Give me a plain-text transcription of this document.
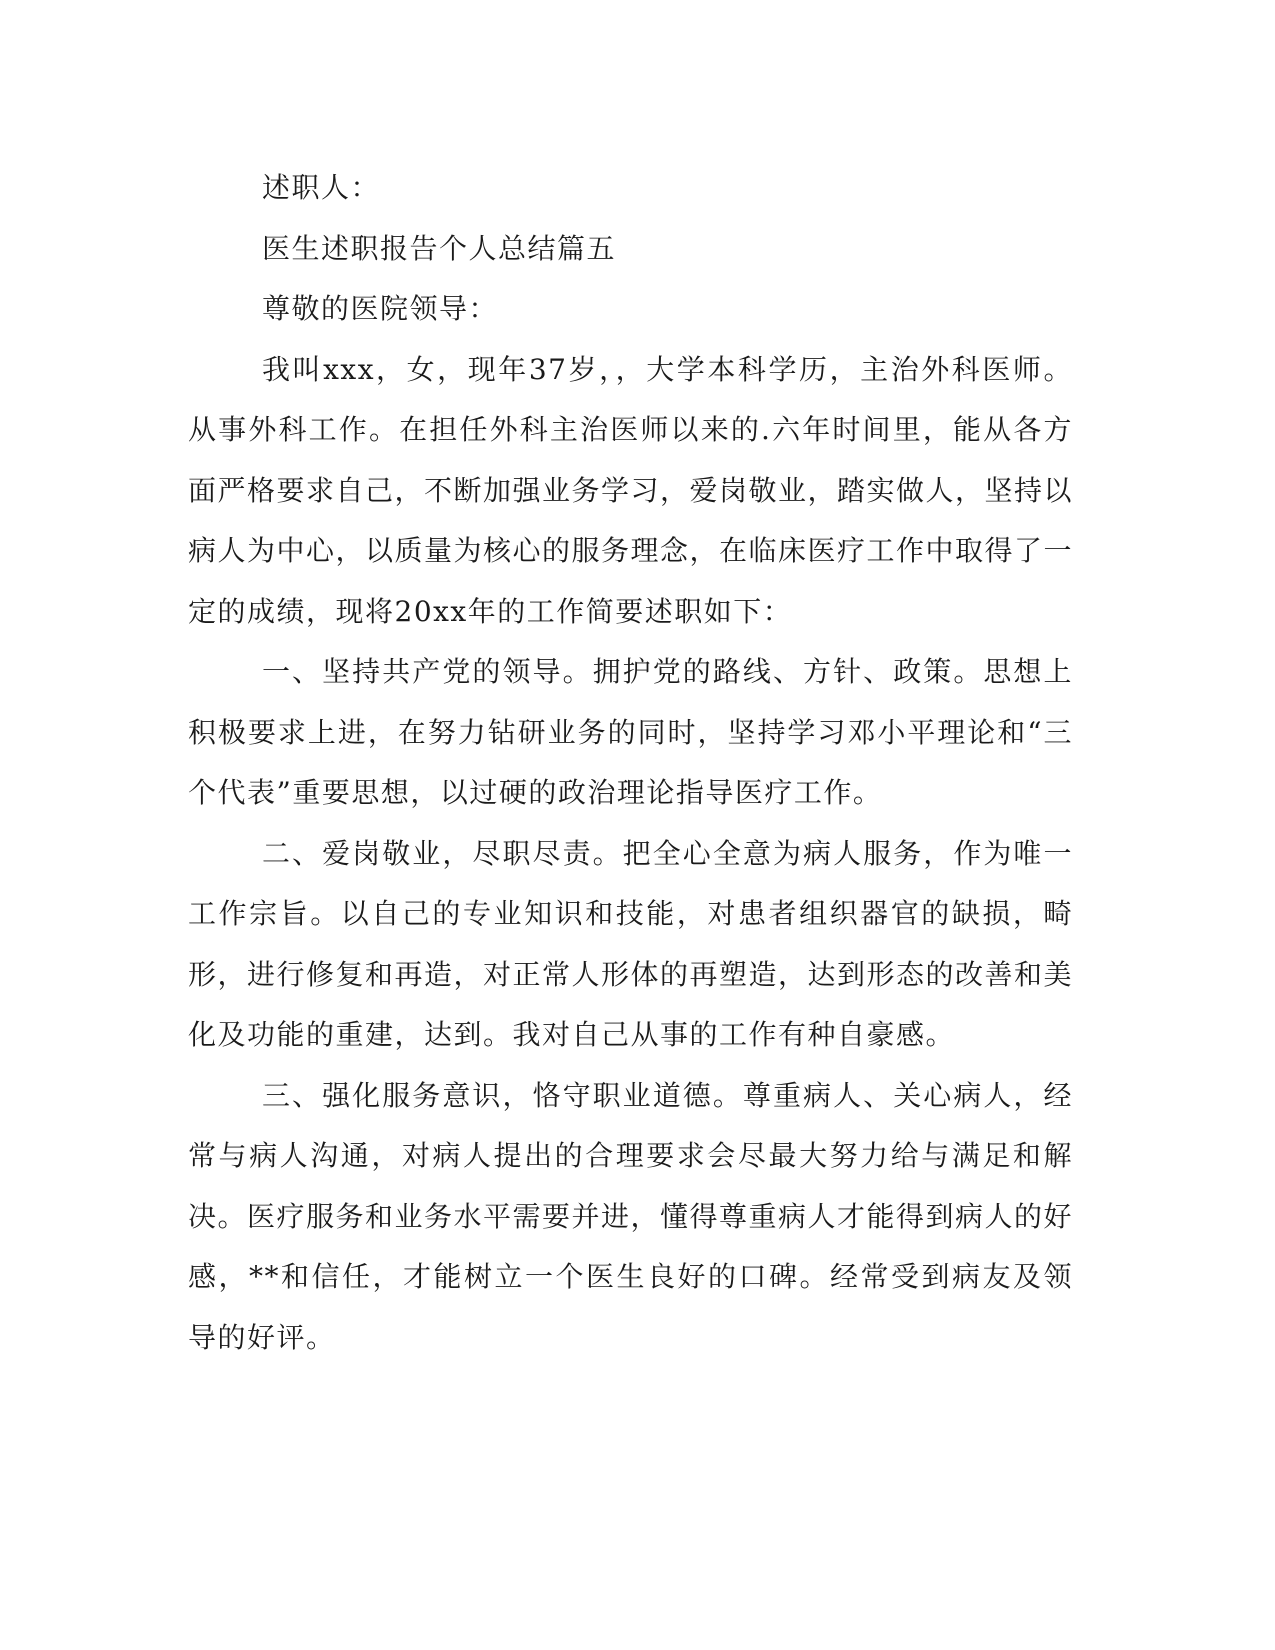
述职人：

医生述职报告个人总结篇五

尊敬的医院领导：

我叫xxx，女，现年37岁，，大学本科学历，主治外科医师。从事外科工作。在担任外科主治医师以来的.六年时间里，能从各方面严格要求自己，不断加强业务学习，爱岗敬业，踏实做人，坚持以病人为中心，以质量为核心的服务理念，在临床医疗工作中取得了一定的成绩，现将20xx年的工作简要述职如下：

一、坚持共产党的领导。拥护党的路线、方针、政策。思想上积极要求上进，在努力钻研业务的同时，坚持学习邓小平理论和“三个代表”重要思想，以过硬的政治理论指导医疗工作。

二、爱岗敬业，尽职尽责。把全心全意为病人服务，作为唯一工作宗旨。以自己的专业知识和技能，对患者组织器官的缺损，畸形，进行修复和再造，对正常人形体的再塑造，达到形态的改善和美化及功能的重建，达到。我对自己从事的工作有种自豪感。

三、强化服务意识，恪守职业道德。尊重病人、关心病人，经常与病人沟通，对病人提出的合理要求会尽最大努力给与满足和解决。医疗服务和业务水平需要并进，懂得尊重病人才能得到病人的好感，**和信任，才能树立一个医生良好的口碑。经常受到病友及领导的好评。
